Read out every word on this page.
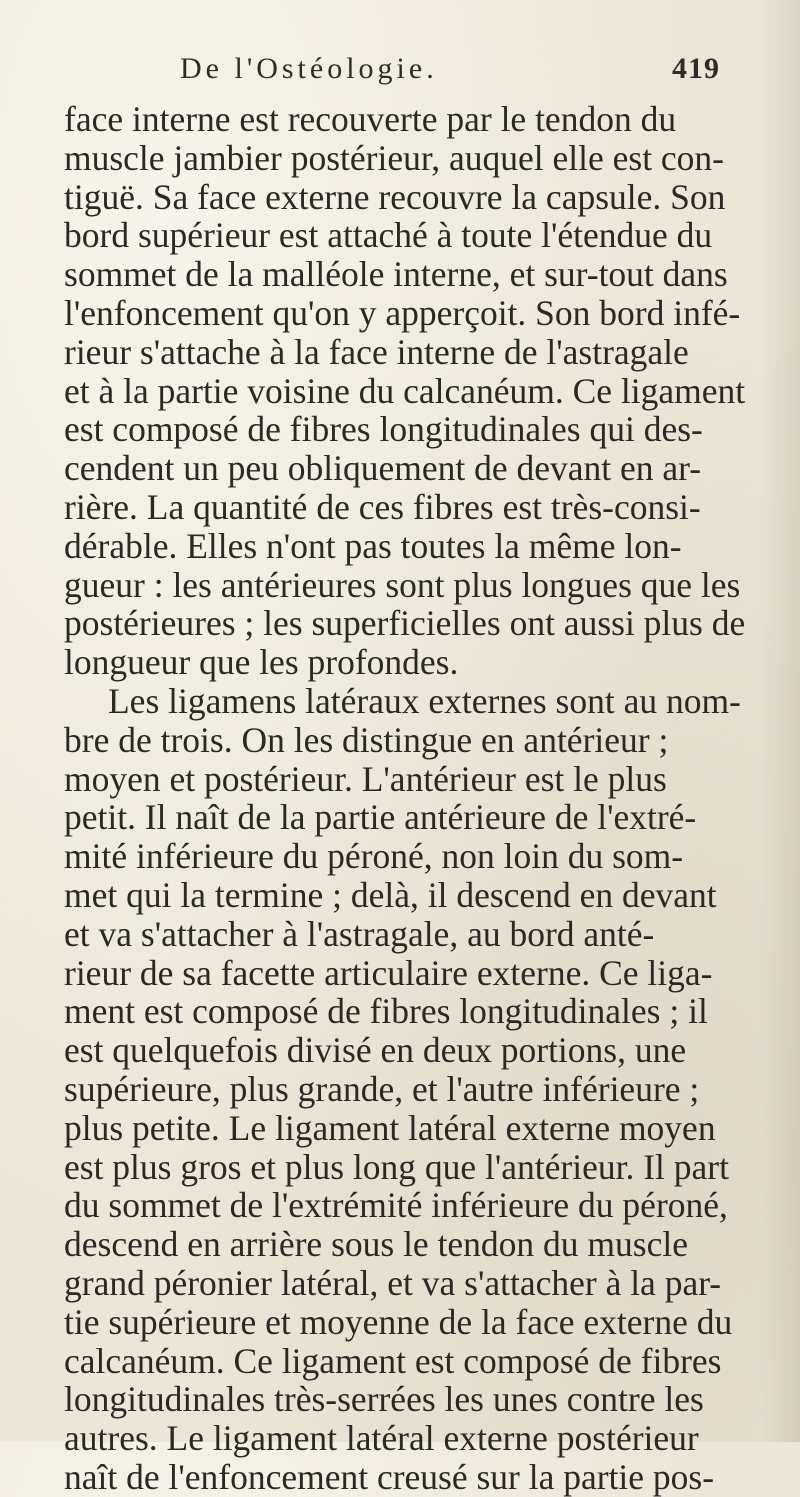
De l'Ostéologie.	419
face interne est recouverte par le tendon du
muscle jambier postérieur, auquel elle est con-
tiguë. Sa face externe recouvre la capsule. Son
bord supérieur est attaché à toute l'étendue du
sommet de la malléole interne, et sur-tout dans
l'enfoncement qu'on y apperçoit. Son bord infé-
rieur s'attache à la face interne de l'astragale
et à la partie voisine du calcanéum. Ce ligament
est composé de fibres longitudinales qui des-
cendent un peu obliquement de devant en ar-
rière. La quantité de ces fibres est très-consi-
dérable. Elles n'ont pas toutes la même lon-
gueur : les antérieures sont plus longues que les
postérieures ; les superficielles ont aussi plus de
longueur que les profondes.
Les ligamens latéraux externes sont au nom-
bre de trois. On les distingue en antérieur ;
moyen et postérieur. L'antérieur est le plus
petit. Il naît de la partie antérieure de l'extré-
mité inférieure du péroné, non loin du som-
met qui la termine ; delà, il descend en devant
et va s'attacher à l'astragale, au bord anté-
rieur de sa facette articulaire externe. Ce liga-
ment est composé de fibres longitudinales ; il
est quelquefois divisé en deux portions, une
supérieure, plus grande, et l'autre inférieure ;
plus petite. Le ligament latéral externe moyen
est plus gros et plus long que l'antérieur. Il part
du sommet de l'extrémité inférieure du péroné,
descend en arrière sous le tendon du muscle
grand péronier latéral, et va s'attacher à la par-
tie supérieure et moyenne de la face externe du
calcanéum. Ce ligament est composé de fibres
longitudinales très-serrées les unes contre les
autres. Le ligament latéral externe postérieur
naît de l'enfoncement creusé sur la partie pos-
